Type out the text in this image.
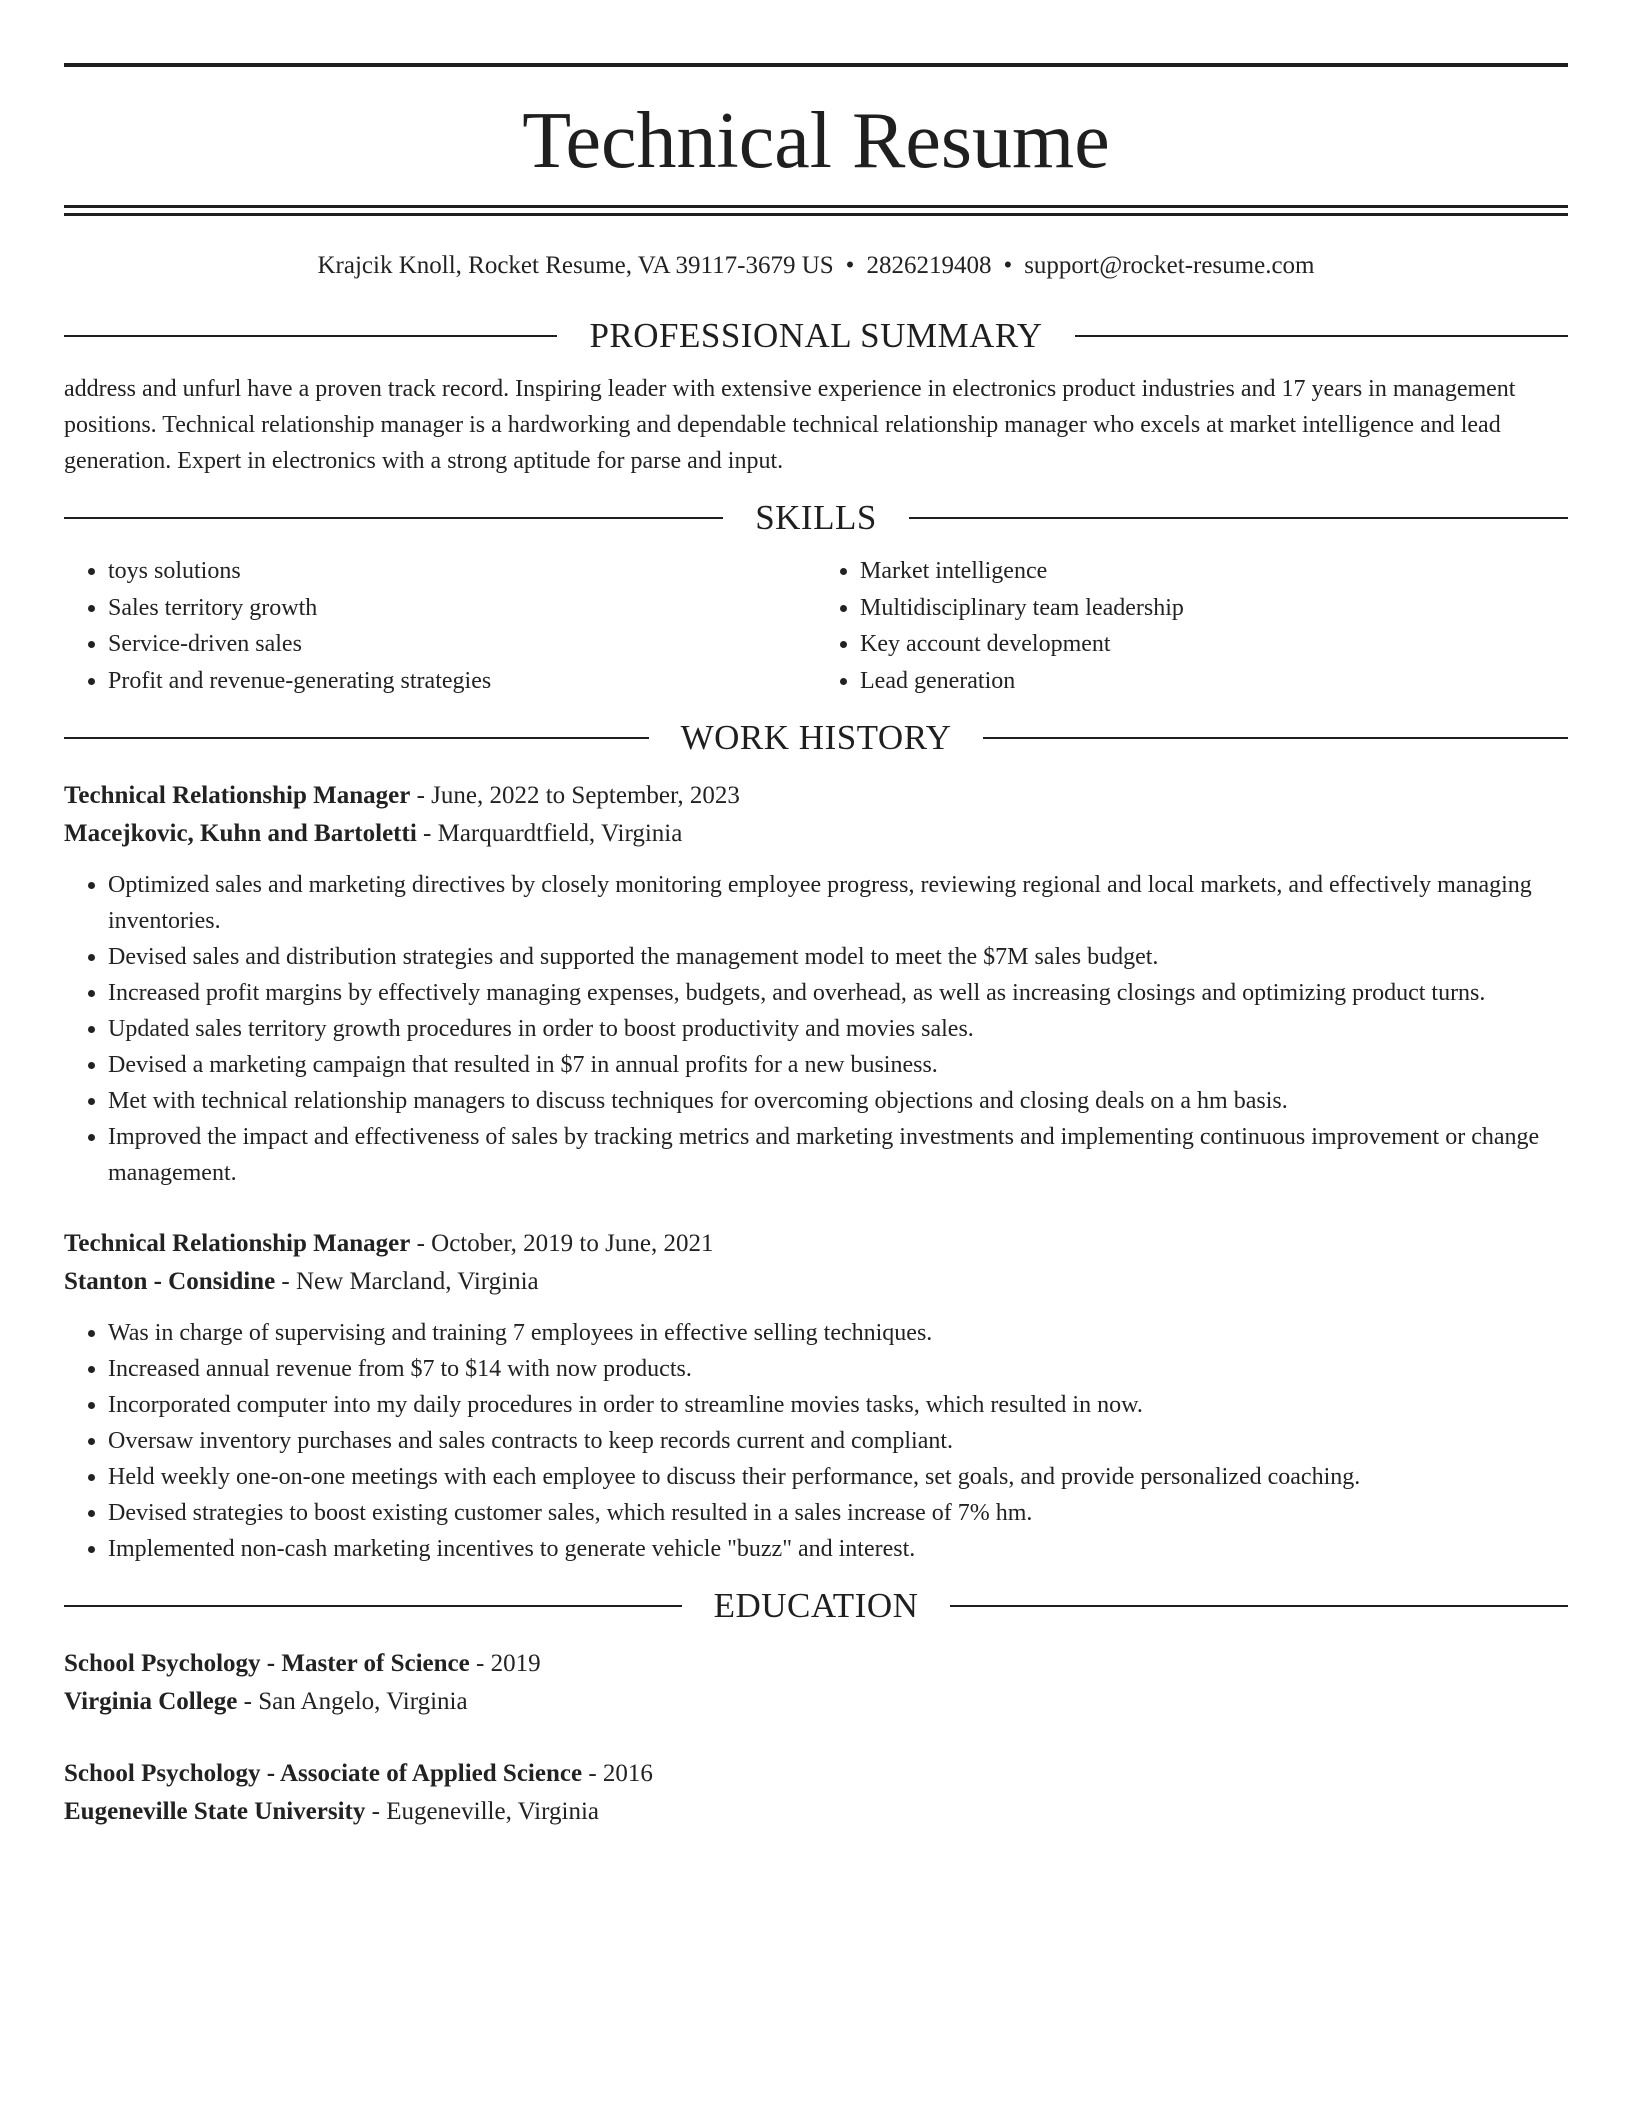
Technical Resume
Krajcik Knoll, Rocket Resume, VA 39117-3679 US • 2826219408 • support@rocket-resume.com
PROFESSIONAL SUMMARY
address and unfurl have a proven track record. Inspiring leader with extensive experience in electronics product industries and 17 years in management positions. Technical relationship manager is a hardworking and dependable technical relationship manager who excels at market intelligence and lead generation. Expert in electronics with a strong aptitude for parse and input.
SKILLS
• toys solutions
• Sales territory growth
• Service-driven sales
• Profit and revenue-generating strategies
• Market intelligence
• Multidisciplinary team leadership
• Key account development
• Lead generation
WORK HISTORY
Technical Relationship Manager - June, 2022 to September, 2023
Macejkovic, Kuhn and Bartoletti - Marquardtfield, Virginia
• Optimized sales and marketing directives by closely monitoring employee progress, reviewing regional and local markets, and effectively managing inventories.
• Devised sales and distribution strategies and supported the management model to meet the $7M sales budget.
• Increased profit margins by effectively managing expenses, budgets, and overhead, as well as increasing closings and optimizing product turns.
• Updated sales territory growth procedures in order to boost productivity and movies sales.
• Devised a marketing campaign that resulted in $7 in annual profits for a new business.
• Met with technical relationship managers to discuss techniques for overcoming objections and closing deals on a hm basis.
• Improved the impact and effectiveness of sales by tracking metrics and marketing investments and implementing continuous improvement or change management.
Technical Relationship Manager - October, 2019 to June, 2021
Stanton - Considine - New Marcland, Virginia
• Was in charge of supervising and training 7 employees in effective selling techniques.
• Increased annual revenue from $7 to $14 with now products.
• Incorporated computer into my daily procedures in order to streamline movies tasks, which resulted in now.
• Oversaw inventory purchases and sales contracts to keep records current and compliant.
• Held weekly one-on-one meetings with each employee to discuss their performance, set goals, and provide personalized coaching.
• Devised strategies to boost existing customer sales, which resulted in a sales increase of 7% hm.
• Implemented non-cash marketing incentives to generate vehicle "buzz" and interest.
EDUCATION
School Psychology - Master of Science - 2019
Virginia College - San Angelo, Virginia
School Psychology - Associate of Applied Science - 2016
Eugeneville State University - Eugeneville, Virginia
